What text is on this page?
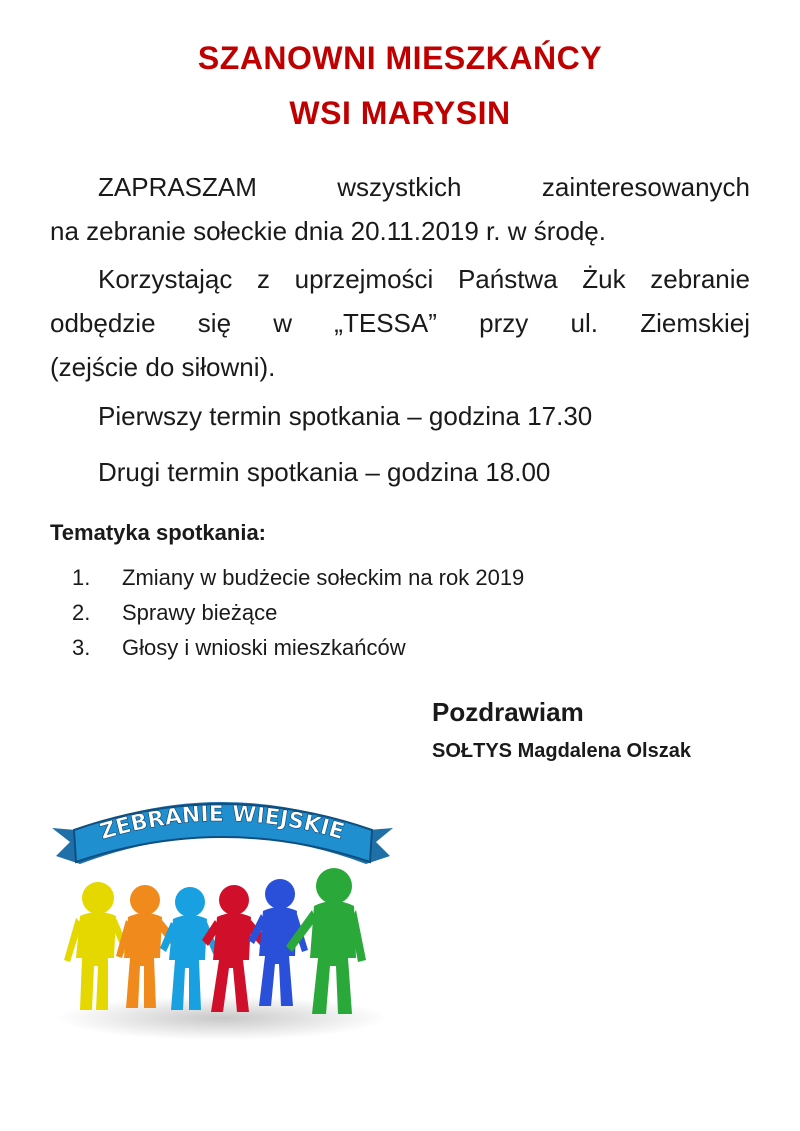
SZANOWNI MIESZKAŃCY
WSI MARYSIN
ZAPRASZAM wszystkich zainteresowanych
na zebranie sołeckie dnia 20.11.2019 r. w środę.
Korzystając z uprzejmości Państwa Żuk zebranie
odbędzie się w „TESSA” przy ul. Ziemskiej
(zejście do siłowni).
Pierwszy termin spotkania – godzina 17.30
Drugi termin spotkania – godzina 18.00
Tematyka spotkania:
1. Zmiany w budżecie sołeckim na rok 2019
2. Sprawy bieżące
3. Głosy i wnioski mieszkańców
Pozdrawiam
SOŁTYS Magdalena Olszak
ZEBRANIE WIEJSKIE
